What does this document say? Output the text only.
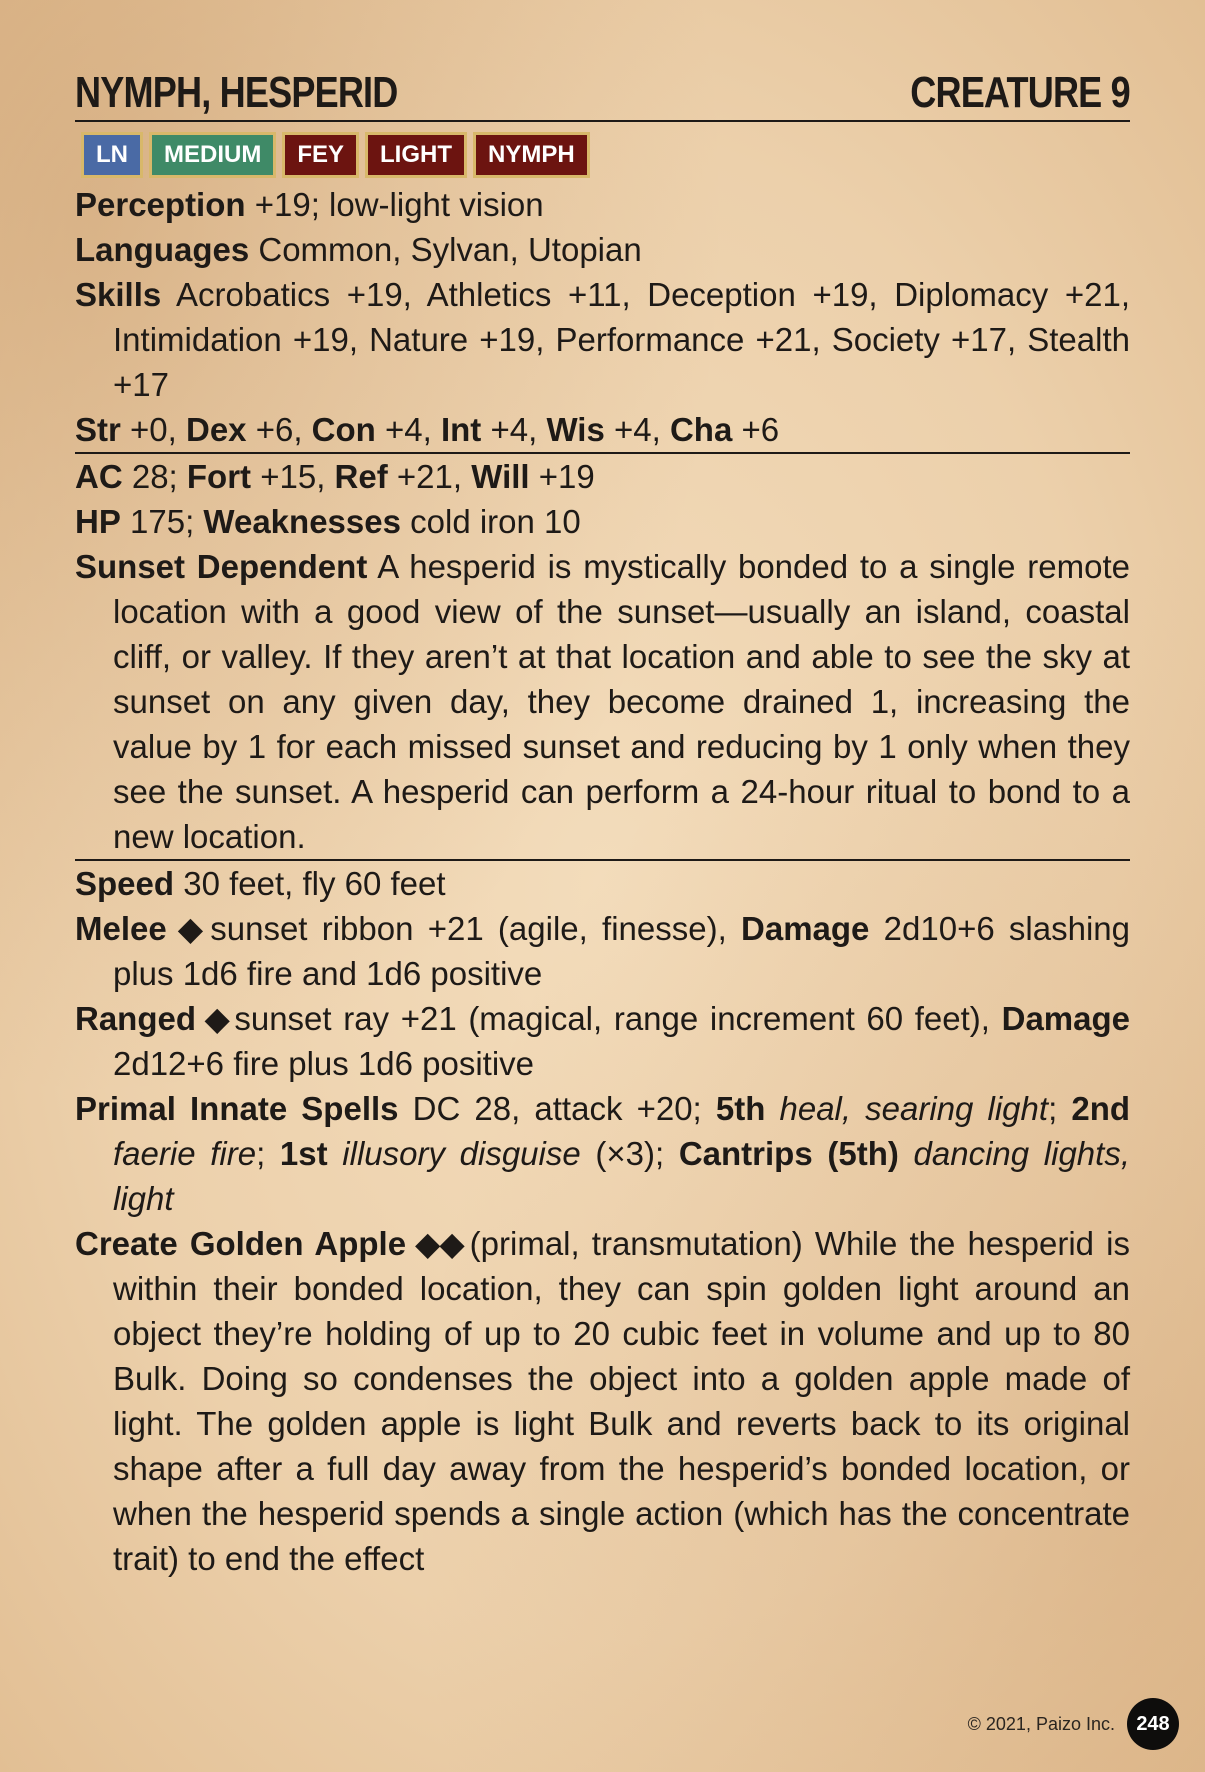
NYMPH, HESPERID	CREATURE 9
LN	MEDIUM	FEY	LIGHT	NYMPH
Perception +19; low-light vision
Languages Common, Sylvan, Utopian
Skills Acrobatics +19, Athletics +11, Deception +19, Diplomacy +21, Intimidation +19, Nature +19, Performance +21, Society +17, Stealth +17
Str +0, Dex +6, Con +4, Int +4, Wis +4, Cha +6
AC 28; Fort +15, Ref +21, Will +19
HP 175; Weaknesses cold iron 10
Sunset Dependent A hesperid is mystically bonded to a single remote location with a good view of the sunset—usually an island, coastal cliff, or valley. If they aren’t at that location and able to see the sky at sunset on any given day, they become drained 1, increasing the value by 1 for each missed sunset and reducing by 1 only when they see the sunset. A hesperid can perform a 24-hour ritual to bond to a new location.
Speed 30 feet, fly 60 feet
Melee ◆ sunset ribbon +21 (agile, finesse), Damage 2d10+6 slashing plus 1d6 fire and 1d6 positive
Ranged ◆ sunset ray +21 (magical, range increment 60 feet), Damage 2d12+6 fire plus 1d6 positive
Primal Innate Spells DC 28, attack +20; 5th heal, searing light; 2nd faerie fire; 1st illusory disguise (×3); Cantrips (5th) dancing lights, light
Create Golden Apple ◆◆ (primal, transmutation) While the hesperid is within their bonded location, they can spin golden light around an object they’re holding of up to 20 cubic feet in volume and up to 80 Bulk. Doing so condenses the object into a golden apple made of light. The golden apple is light Bulk and reverts back to its original shape after a full day away from the hesperid’s bonded location, or when the hesperid spends a single action (which has the concentrate trait) to end the effect
© 2021, Paizo Inc.	248
